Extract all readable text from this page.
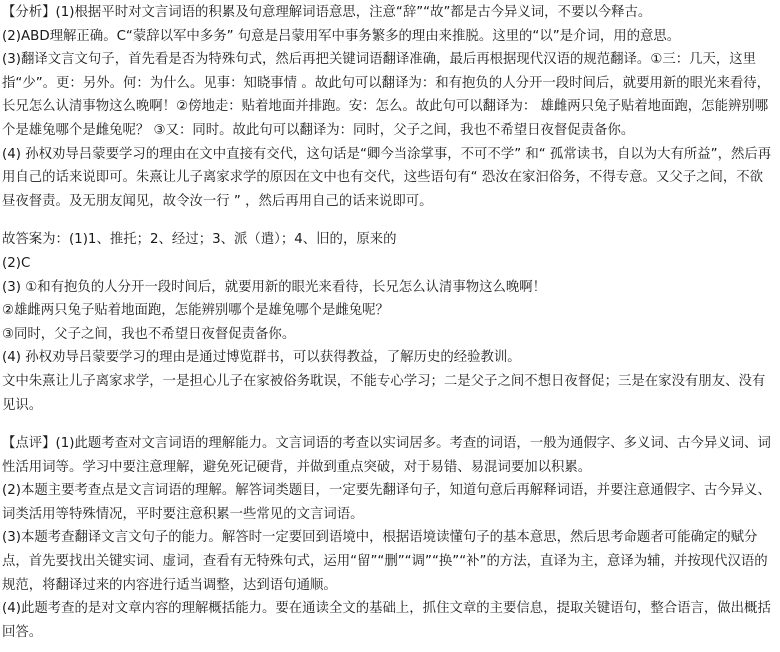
【分析】(1)根据平时对文言词语的积累及句意理解词语意思，注意“辞”“故”都是古今异义词，不要以今释古。

(2)ABD理解正确。C“蒙辞以军中多务” 句意是吕蒙用军中事务繁多的理由来推脱。这里的“以”是介词，用的意思。

(3)翻译文言文句子，首先看是否为特殊句式，然后再把关键词语翻译准确，最后再根据现代汉语的规范翻译。①三：几天，这里指“少”。更：另外。何：为什么。见事：知晓事情 。故此句可以翻译为：和有抱负的人分开一段时间后，就要用新的眼光来看待，长兄怎么认清事物这么晚啊！②傍地走：贴着地面并排跑。安：怎么。故此句可以翻译为： 雄雌两只兔子贴着地面跑，怎能辨别哪个是雄兔哪个是雌兔呢？ ③又：同时。故此句可以翻译为：同时，父子之间，我也不希望日夜督促责备你。

(4) 孙权劝导吕蒙要学习的理由在文中直接有交代，这句话是“卿今当涂掌事，不可不学” 和“ 孤常读书，自以为大有所益”，然后再用自己的话来说即可。朱熹让儿子离家求学的原因在文中也有交代，这些语句有“ 恐汝在家汩俗务，不得专意。又父子之间，不欲昼夜督责。及无朋友闻见，故令汝一行 ” ，然后再用自己的话来说即可。

故答案为：(1)1、推托；2、经过；3、派（遣）；4、旧的，原来的

(2)C

(3) ①和有抱负的人分开一段时间后，就要用新的眼光来看待，长兄怎么认清事物这么晚啊！

②雄雌两只兔子贴着地面跑，怎能辨别哪个是雄兔哪个是雌兔呢？

③同时，父子之间，我也不希望日夜督促责备你。

(4) 孙权劝导吕蒙要学习的理由是通过博览群书，可以获得教益，了解历史的经验教训。

文中朱熹让儿子离家求学，一是担心儿子在家被俗务耽误，不能专心学习；二是父子之间不想日夜督促；三是在家没有朋友、没有见识。

【点评】(1)此题考查对文言词语的理解能力。文言词语的考查以实词居多。考查的词语，一般为通假字、多义词、古今异义词、词性活用词等。学习中要注意理解，避免死记硬背，并做到重点突破，对于易错、易混词要加以积累。

(2)本题主要考查点是文言词语的理解。解答词类题目，一定要先翻译句子，知道句意后再解释词语，并要注意通假字、古今异义、词类活用等特殊情况，平时要注意积累一些常见的文言词语。

(3)本题考查翻译文言文句子的能力。解答时一定要回到语境中，根据语境读懂句子的基本意思，然后思考命题者可能确定的赋分点，首先要找出关键实词、虚词，查看有无特殊句式，运用“留”“删”“调”“换”“补”的方法，直译为主，意译为辅，并按现代汉语的规范，将翻译过来的内容进行适当调整，达到语句通顺。

(4)此题考查的是对文章内容的理解概括能力。要在通读全文的基础上，抓住文章的主要信息，提取关键语句，整合语言，做出概括回答。
